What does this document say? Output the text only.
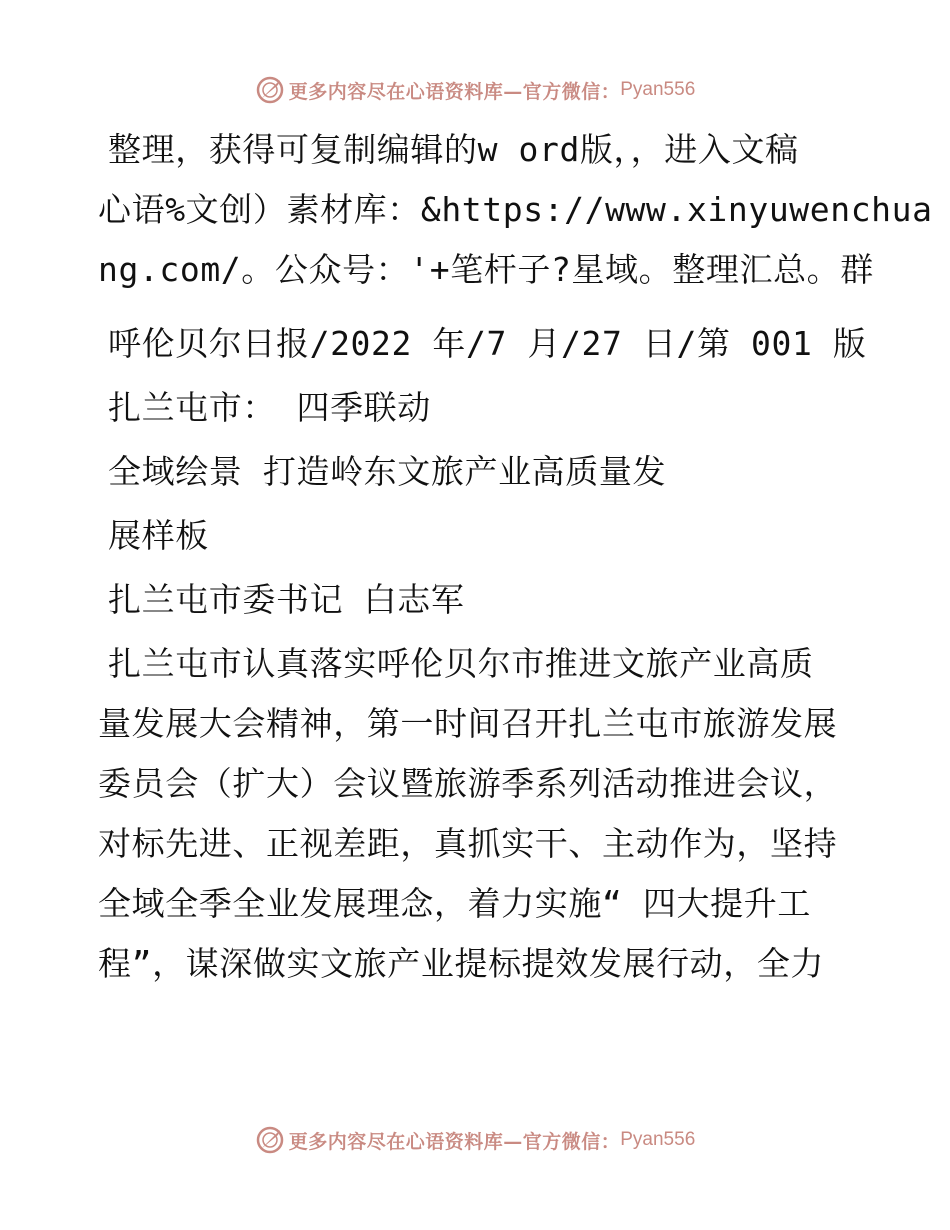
更多内容尽在心语资料库—官方微信： Pyan556
整理，获得可复制编辑的w ord版，，进入文稿
心语%文创）素材库：&https://www.xinyuwenchua
ng.com/。公众号：'+笔杆子?星域。整理汇总。群
呼伦贝尔日报/2022 年/7 月/27 日/第 001 版
扎兰屯市： 四季联动
全域绘景 打造岭东文旅产业高质量发
展样板
扎兰屯市委书记 白志军
扎兰屯市认真落实呼伦贝尔市推进文旅产业高质
量发展大会精神，第一时间召开扎兰屯市旅游发展
委员会（扩大）会议暨旅游季系列活动推进会议，
对标先进、正视差距，真抓实干、主动作为，坚持
全域全季全业发展理念，着力实施“ 四大提升工
程”，谋深做实文旅产业提标提效发展行动，全力
更多内容尽在心语资料库—官方微信： Pyan556
